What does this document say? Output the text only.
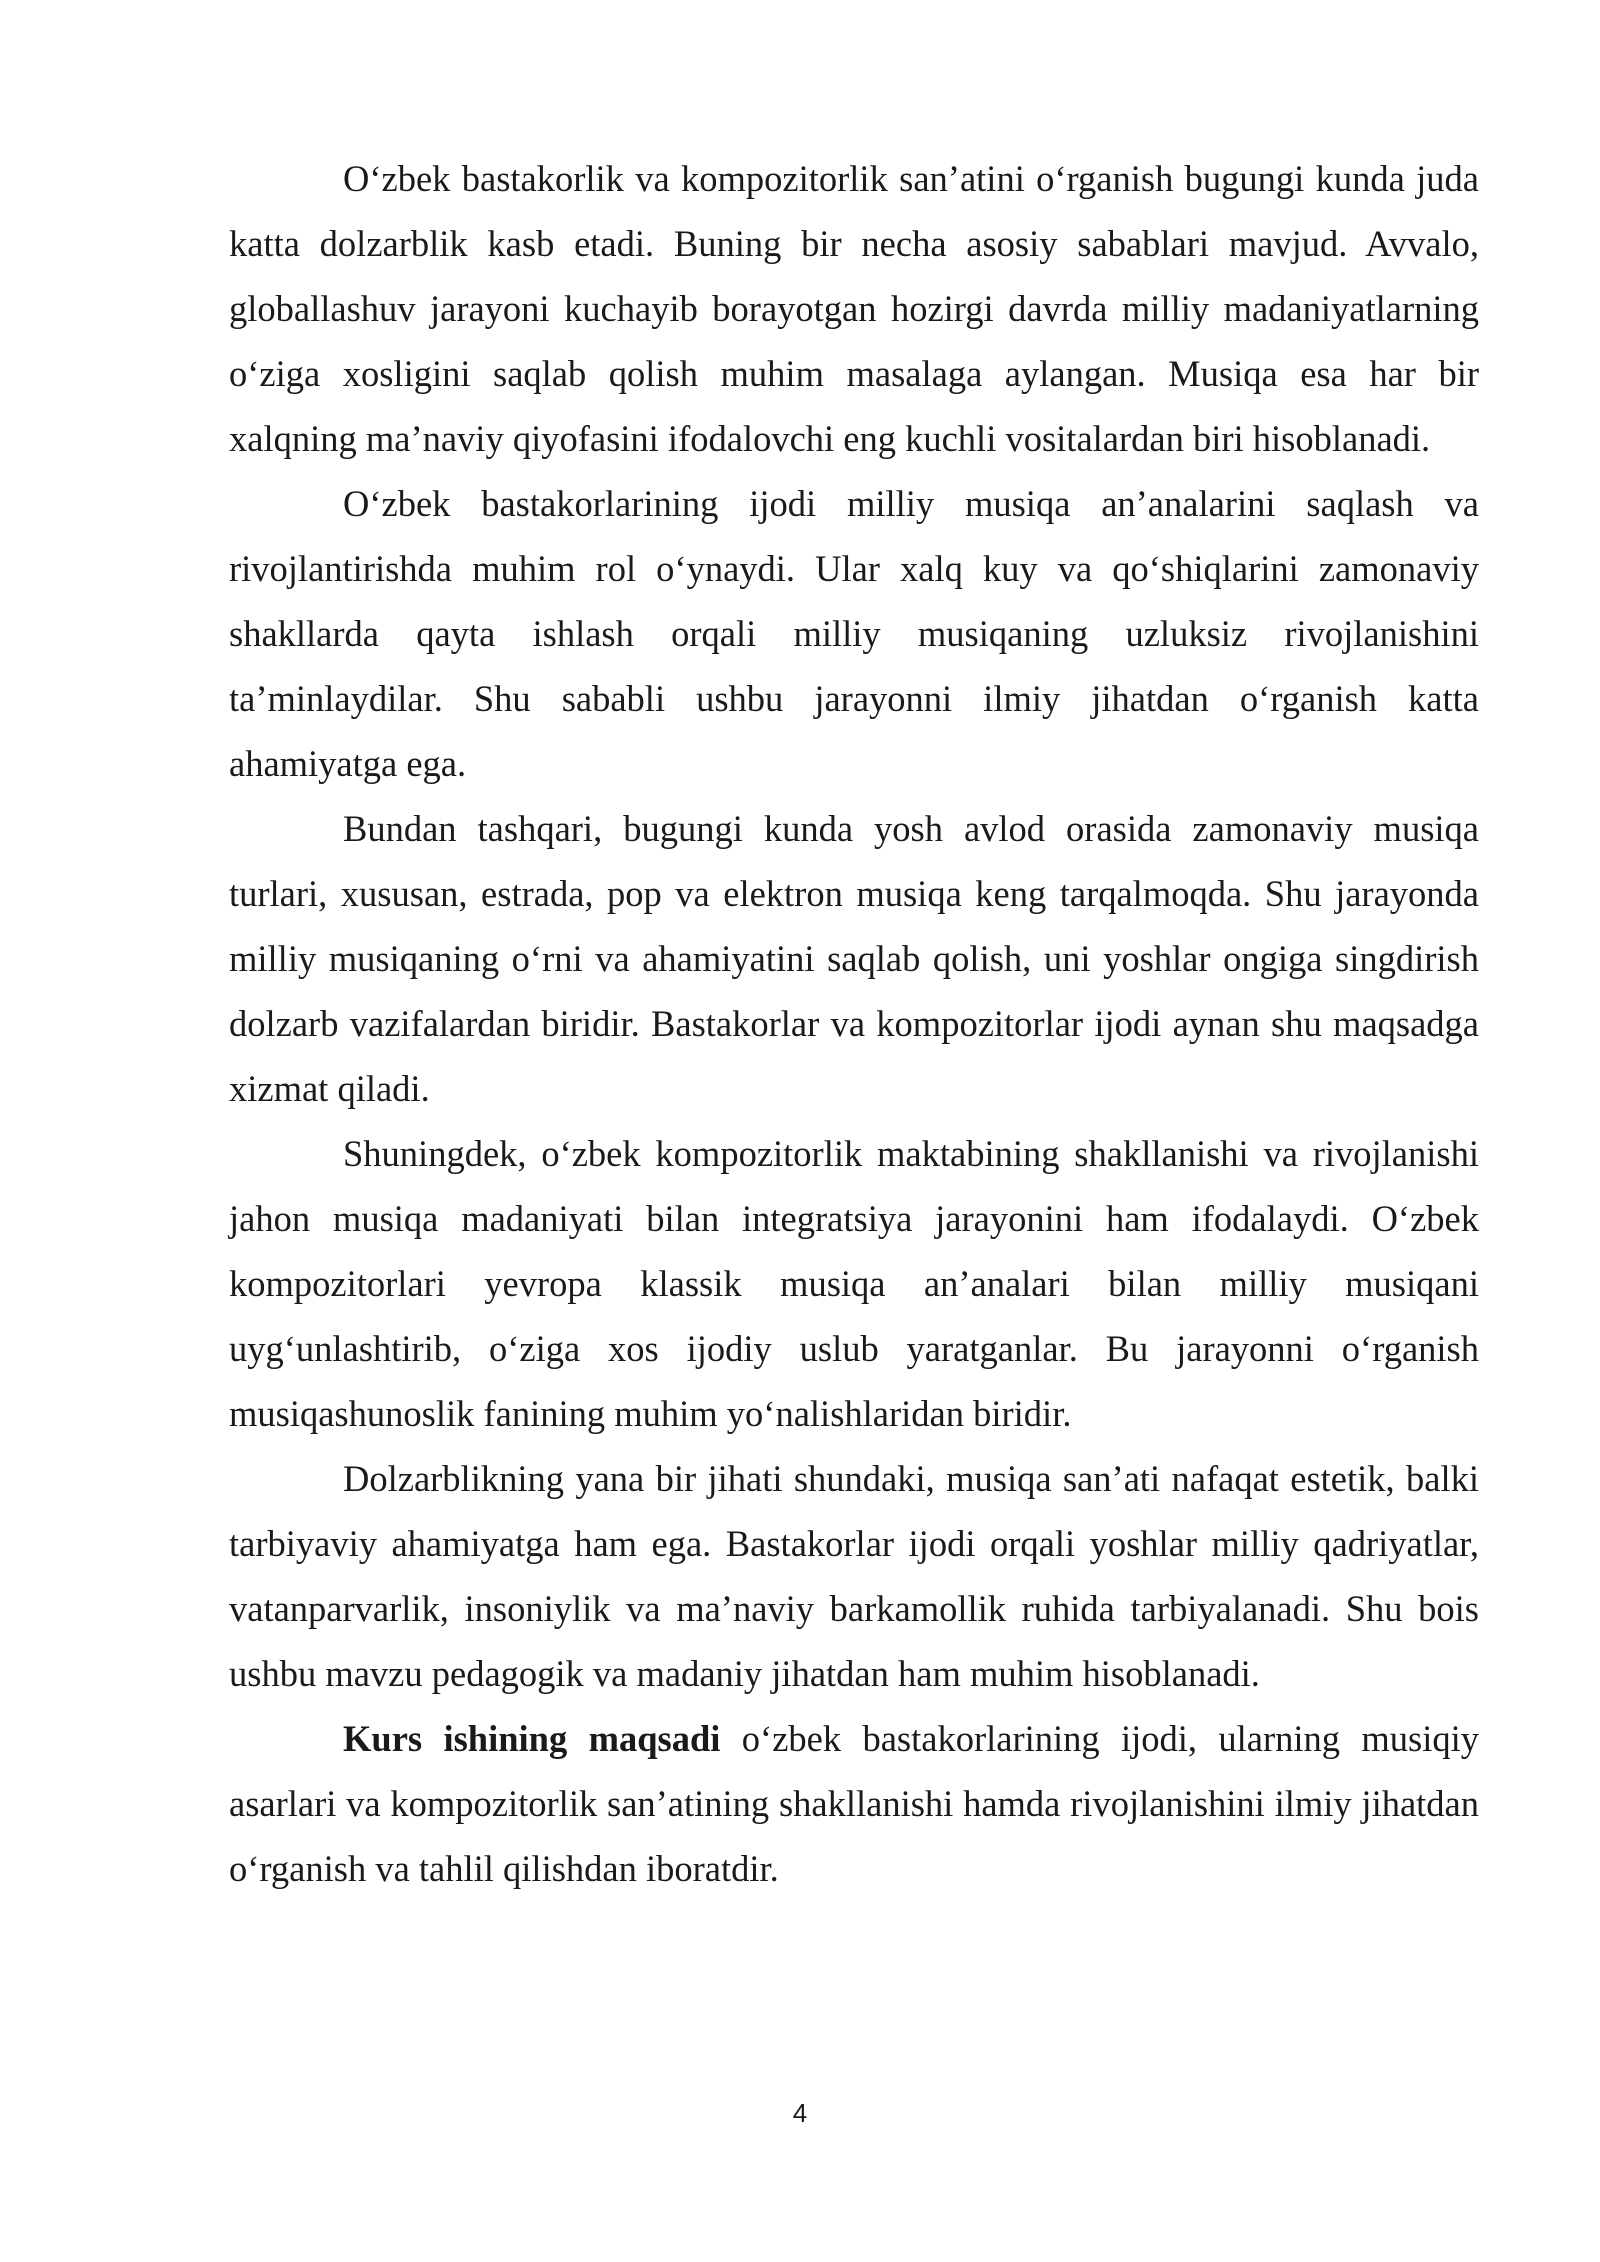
O‘zbek bastakorlik va kompozitorlik san’atini o‘rganish bugungi kunda juda katta dolzarblik kasb etadi. Buning bir necha asosiy sabablari mavjud. Avvalo, globallashuv jarayoni kuchayib borayotgan hozirgi davrda milliy madaniyatlarning o‘ziga xosligini saqlab qolish muhim masalaga aylangan. Musiqa esa har bir xalqning ma’naviy qiyofasini ifodalovchi eng kuchli vositalardan biri hisoblanadi.

O‘zbek bastakorlarining ijodi milliy musiqa an’analarini saqlash va rivojlantirishda muhim rol o‘ynaydi. Ular xalq kuy va qo‘shiqlarini zamonaviy shakllarda qayta ishlash orqali milliy musiqaning uzluksiz rivojlanishini ta’minlaydilar. Shu sababli ushbu jarayonni ilmiy jihatdan o‘rganish katta ahamiyatga ega.

Bundan tashqari, bugungi kunda yosh avlod orasida zamonaviy musiqa turlari, xususan, estrada, pop va elektron musiqa keng tarqalmoqda. Shu jarayonda milliy musiqaning o‘rni va ahamiyatini saqlab qolish, uni yoshlar ongiga singdirish dolzarb vazifalardan biridir. Bastakorlar va kompozitorlar ijodi aynan shu maqsadga xizmat qiladi.

Shuningdek, o‘zbek kompozitorlik maktabining shakllanishi va rivojlanishi jahon musiqa madaniyati bilan integratsiya jarayonini ham ifodalaydi. O‘zbek kompozitorlari yevropa klassik musiqa an’analari bilan milliy musiqani uyg‘unlashtirib, o‘ziga xos ijodiy uslub yaratganlar. Bu jarayonni o‘rganish musiqashunoslik fanining muhim yo‘nalishlaridan biridir.

Dolzarblikning yana bir jihati shundaki, musiqa san’ati nafaqat estetik, balki tarbiyaviy ahamiyatga ham ega. Bastakorlar ijodi orqali yoshlar milliy qadriyatlar, vatanparvarlik, insoniylik va ma’naviy barkamollik ruhida tarbiyalanadi. Shu bois ushbu mavzu pedagogik va madaniy jihatdan ham muhim hisoblanadi.

Kurs ishining maqsadi o‘zbek bastakorlarining ijodi, ularning musiqiy asarlari va kompozitorlik san’atining shakllanishi hamda rivojlanishini ilmiy jihatdan o‘rganish va tahlil qilishdan iboratdir.

4
